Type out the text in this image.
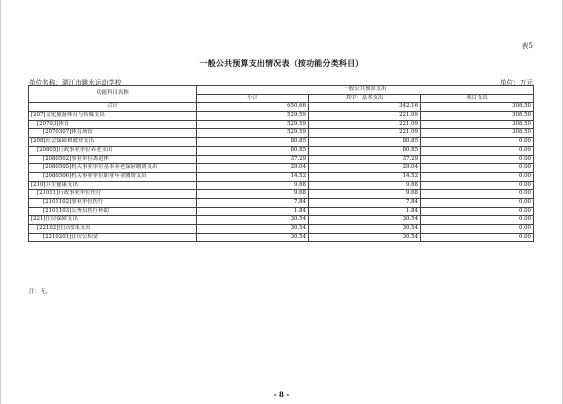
表5
一般公共预算支出情况表（按功能分类科目）
单位名称：湛江市跳水运动学校	单位：万元
功能科目名称	一般公共预算支出		
	小计	其中：基本支出	项目支出
合计	650.66	342.16	308.50
[207]文化旅游体育与传媒支出	529.59	221.09	308.50
[20703]体育	529.59	221.09	308.50
[2070307]体育场馆	529.59	221.09	308.50
[208]社会保障和就业支出	80.85	80.85	0.00
[20805]行政事业单位养老支出	80.85	80.85	0.00
[2080502]事业单位离退休	37.29	37.29	0.00
[2080505]机关事业单位基本养老保险缴费支出	29.04	29.04	0.00
[2080506]机关事业单位职业年金缴费支出	14.52	14.52	0.00
[210]卫生健康支出	9.68	9.68	0.00
[21011]行政事业单位医疗	9.68	9.68	0.00
[2101102]事业单位医疗	7.84	7.84	0.00
[2101103]公务员医疗补助	1.84	1.84	0.00
[221]住房保障支出	30.54	30.54	0.00
[22102]住房改革支出	30.54	30.54	0.00
[2210201]住房公积金	30.54	30.54	0.00
注：无。
- 8 -
